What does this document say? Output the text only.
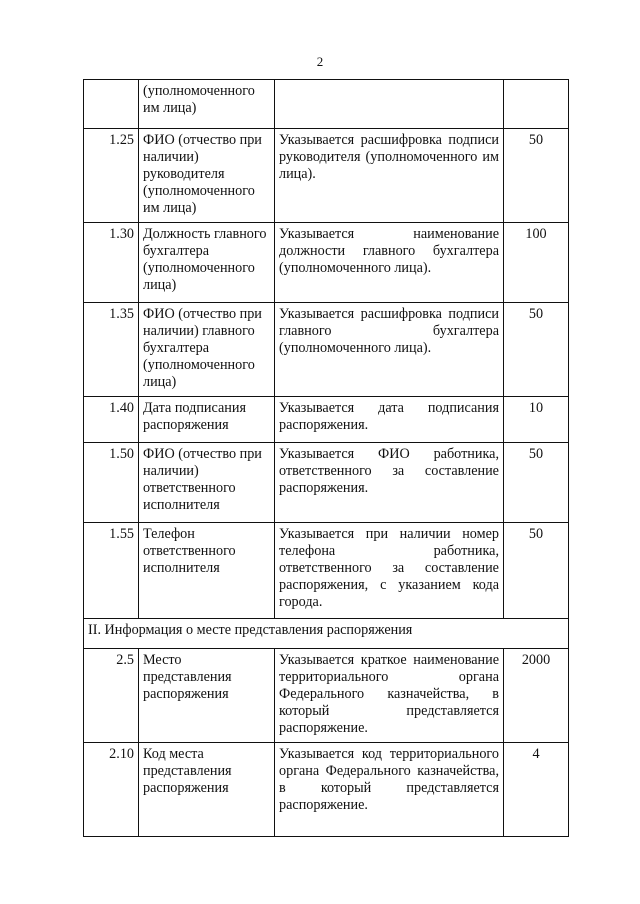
2
	(уполномоченного им лица)		
1.25	ФИО (отчество при наличии) руководителя (уполномоченного им лица)	Указывается расшифровка подписи руководителя (уполномоченного им лица).	50
1.30	Должность главного бухгалтера (уполномоченного лица)	Указывается наименование должности главного бухгалтера (уполномоченного лица).	100
1.35	ФИО (отчество при наличии) главного бухгалтера (уполномоченного лица)	Указывается расшифровка подписи главного бухгалтера (уполномоченного лица).	50
1.40	Дата подписания распоряжения	Указывается дата подписания распоряжения.	10
1.50	ФИО (отчество при наличии) ответственного исполнителя	Указывается ФИО работника, ответственного за составление распоряжения.	50
1.55	Телефон ответственного исполнителя	Указывается при наличии номер телефона работника, ответственного за составление распоряжения, с указанием кода города.	50
II. Информация о месте представления распоряжения			
2.5	Место представления распоряжения	Указывается краткое наименование территориального органа Федерального казначейства, в который представляется распоряжение.	2000
2.10	Код места представления распоряжения	Указывается код территориального органа Федерального казначейства, в который представляется распоряжение.	4
